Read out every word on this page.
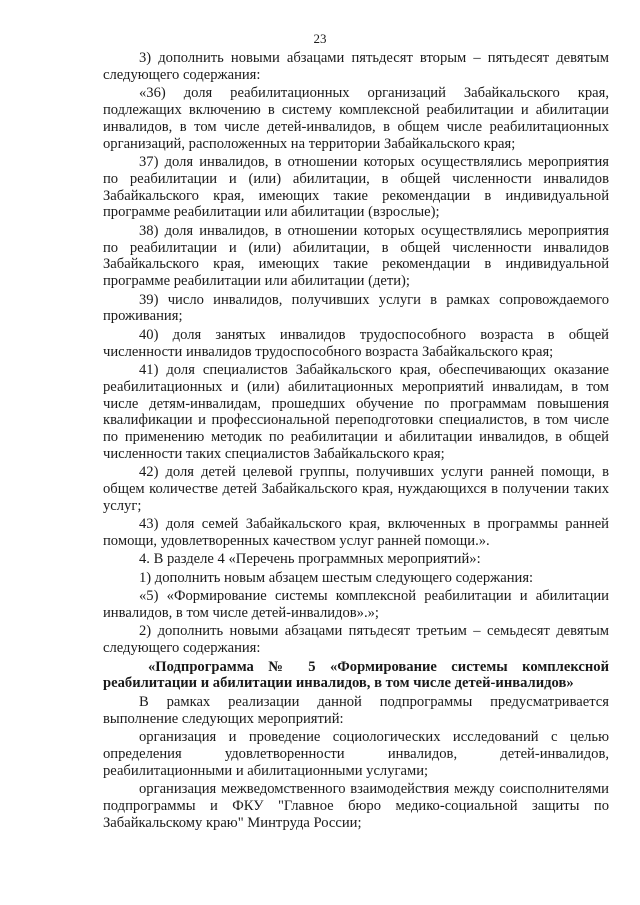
23

3) дополнить новыми абзацами пятьдесят вторым – пятьдесят девятым следующего содержания:

«36) доля реабилитационных организаций Забайкальского края, подлежащих включению в систему комплексной реабилитации и абилитации инвалидов, в том числе детей-инвалидов, в общем числе реабилитационных организаций, расположенных на территории Забайкальского края;

37) доля инвалидов, в отношении которых осуществлялись мероприятия по реабилитации и (или) абилитации, в общей численности инвалидов Забайкальского края, имеющих такие рекомендации в индивидуальной программе реабилитации или абилитации (взрослые);

38) доля инвалидов, в отношении которых осуществлялись мероприятия по реабилитации и (или) абилитации, в общей численности инвалидов Забайкальского края, имеющих такие рекомендации в индивидуальной программе реабилитации или абилитации (дети);

39) число инвалидов, получивших услуги в рамках сопровождаемого проживания;

40) доля занятых инвалидов трудоспособного возраста в общей численности инвалидов трудоспособного возраста Забайкальского края;

41) доля специалистов Забайкальского края, обеспечивающих оказание реабилитационных и (или) абилитационных мероприятий инвалидам, в том числе детям-инвалидам, прошедших обучение по программам повышения квалификации и профессиональной переподготовки специалистов, в том числе по применению методик по реабилитации и абилитации инвалидов, в общей численности таких специалистов Забайкальского края;

42) доля детей целевой группы, получивших услуги ранней помощи, в общем количестве детей Забайкальского края, нуждающихся в получении таких услуг;

43) доля семей Забайкальского края, включенных в программы ранней помощи, удовлетворенных качеством услуг ранней помощи.».

4. В разделе 4 «Перечень программных мероприятий»:

1) дополнить новым абзацем шестым следующего содержания:

«5) «Формирование системы комплексной реабилитации и абилитации инвалидов, в том числе детей-инвалидов».»;

2) дополнить новыми абзацами пятьдесят третьим – семьдесят девятым следующего содержания:

«Подпрограмма № 5 «Формирование системы комплексной реабилитации и абилитации инвалидов, в том числе детей-инвалидов»

В рамках реализации данной подпрограммы предусматривается выполнение следующих мероприятий:

организация и проведение социологических исследований с целью определения удовлетворенности инвалидов, детей-инвалидов, реабилитационными и абилитационными услугами;

организация межведомственного взаимодействия между соисполнителями подпрограммы и ФКУ "Главное бюро медико-социальной защиты по Забайкальскому краю" Минтруда России;
